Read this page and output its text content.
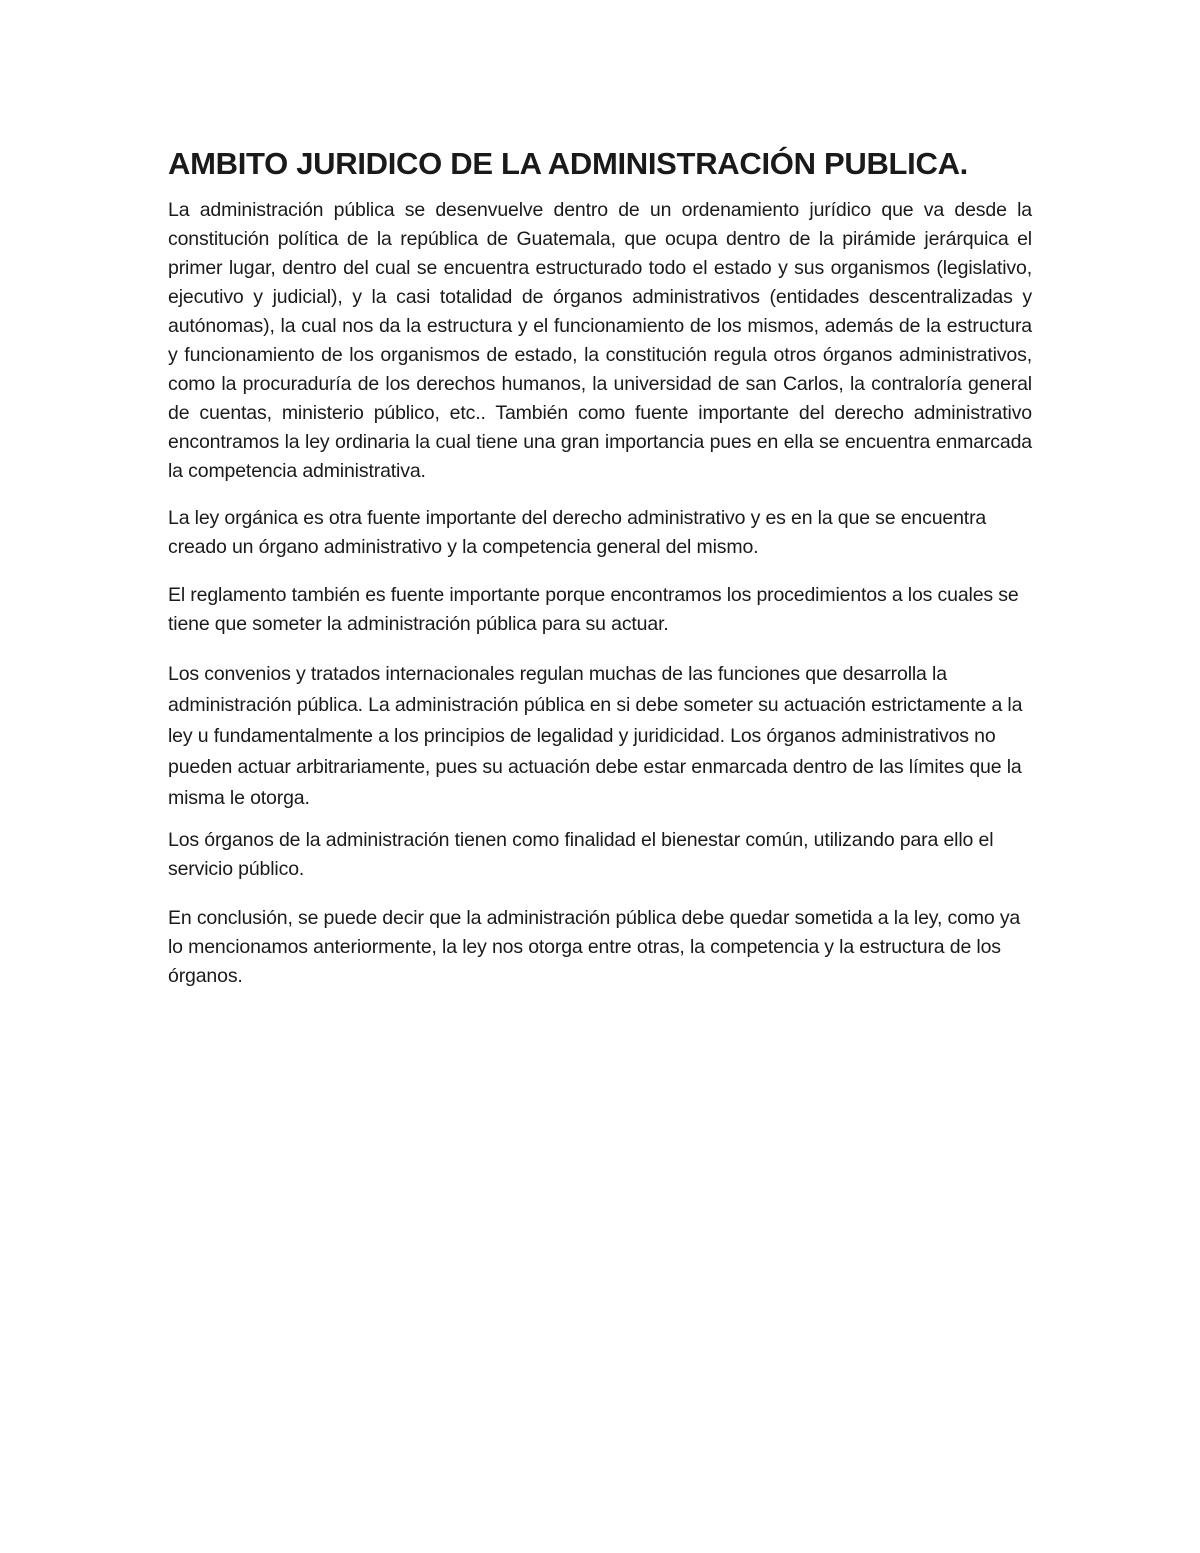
AMBITO JURIDICO DE LA ADMINISTRACIÓN PUBLICA.

La administración pública se desenvuelve dentro de un ordenamiento jurídico que va desde la constitución política de la república de Guatemala, que ocupa dentro de la pirámide jerárquica el primer lugar, dentro del cual se encuentra estructurado todo el estado y sus organismos (legislativo, ejecutivo y judicial), y la casi totalidad de órganos administrativos (entidades descentralizadas y autónomas), la cual nos da la estructura y el funcionamiento de los mismos, además de la estructura y funcionamiento de los organismos de estado, la constitución regula otros órganos administrativos, como la procuraduría de los derechos humanos, la universidad de san Carlos, la contraloría general de cuentas, ministerio público, etc.. También como fuente importante del derecho administrativo encontramos la ley ordinaria la cual tiene una gran importancia pues en ella se encuentra enmarcada la competencia administrativa.

La ley orgánica es otra fuente importante del derecho administrativo y es en la que se encuentra creado un órgano administrativo y la competencia general del mismo.

El reglamento también es fuente importante porque encontramos los procedimientos a los cuales se tiene que someter la administración pública para su actuar.

Los convenios y tratados internacionales regulan muchas de las funciones que desarrolla la administración pública. La administración pública en si debe someter su actuación estrictamente a la ley u fundamentalmente a los principios de legalidad y juridicidad. Los órganos administrativos no pueden actuar arbitrariamente, pues su actuación debe estar enmarcada dentro de las límites que la misma le otorga.

Los órganos de la administración tienen como finalidad el bienestar común, utilizando para ello el servicio público.

En conclusión, se puede decir que la administración pública debe quedar sometida a la ley, como ya lo mencionamos anteriormente, la ley nos otorga entre otras, la competencia y la estructura de los órganos.
